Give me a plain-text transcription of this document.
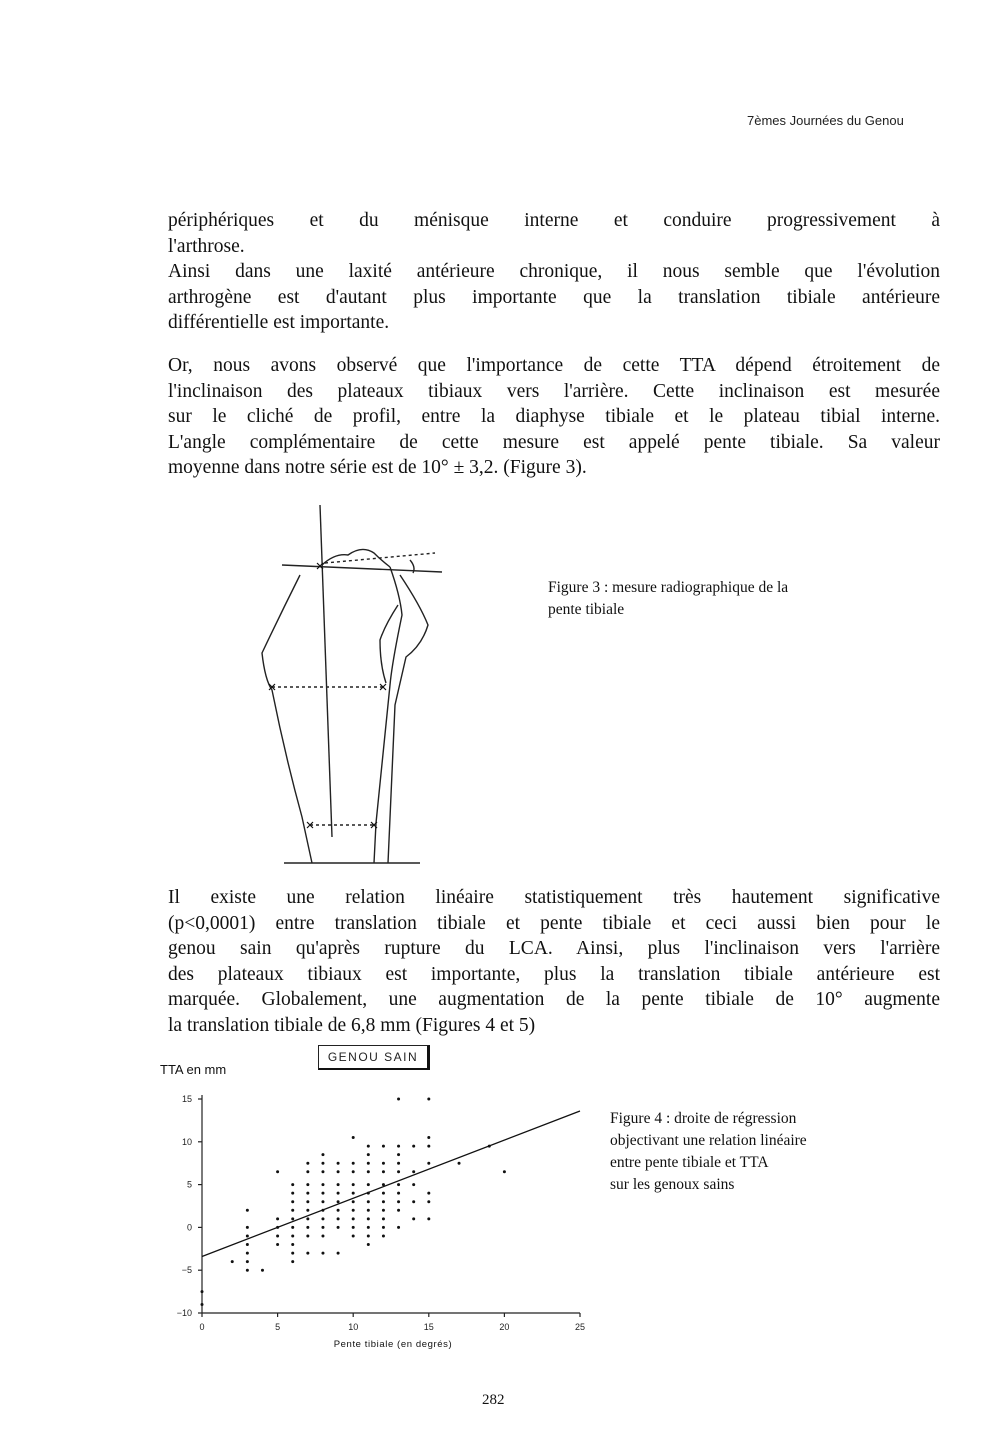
7èmes Journées du Genou

périphériques et du ménisque interne et conduire progressivement à
l'arthrose.
Ainsi dans une laxité antérieure chronique, il nous semble que l'évolution
arthrogène est d'autant plus importante que la translation tibiale antérieure
différentielle est importante.

Or, nous avons observé que l'importance de cette TTA dépend étroitement de
l'inclinaison des plateaux tibiaux vers l'arrière. Cette inclinaison est mesurée
sur le cliché de profil, entre la diaphyse tibiale et le plateau tibial interne.
L'angle complémentaire de cette mesure est appelé pente tibiale. Sa valeur
moyenne dans notre série est de 10° ± 3,2. (Figure 3).

Figure 3 : mesure radiographique de la
pente tibiale

Il existe une relation linéaire statistiquement très hautement significative
(p<0,0001) entre translation tibiale et pente tibiale et ceci aussi bien pour le
genou sain qu'après rupture du LCA. Ainsi, plus l'inclinaison vers l'arrière
des plateaux tibiaux est importante, plus la translation tibiale antérieure est
marquée. Globalement, une augmentation de la pente tibiale de 10° augmente
la translation tibiale de 6,8 mm (Figures 4 et 5)

GENOU SAIN
TTA en mm
0	5	10	15	20	25
−10
−5
0
5
10
15
Pente tibiale (en degrés)
Figure 4 : droite de régression
objectivant une relation linéaire
entre pente tibiale et TTA
sur les genoux sains
282
